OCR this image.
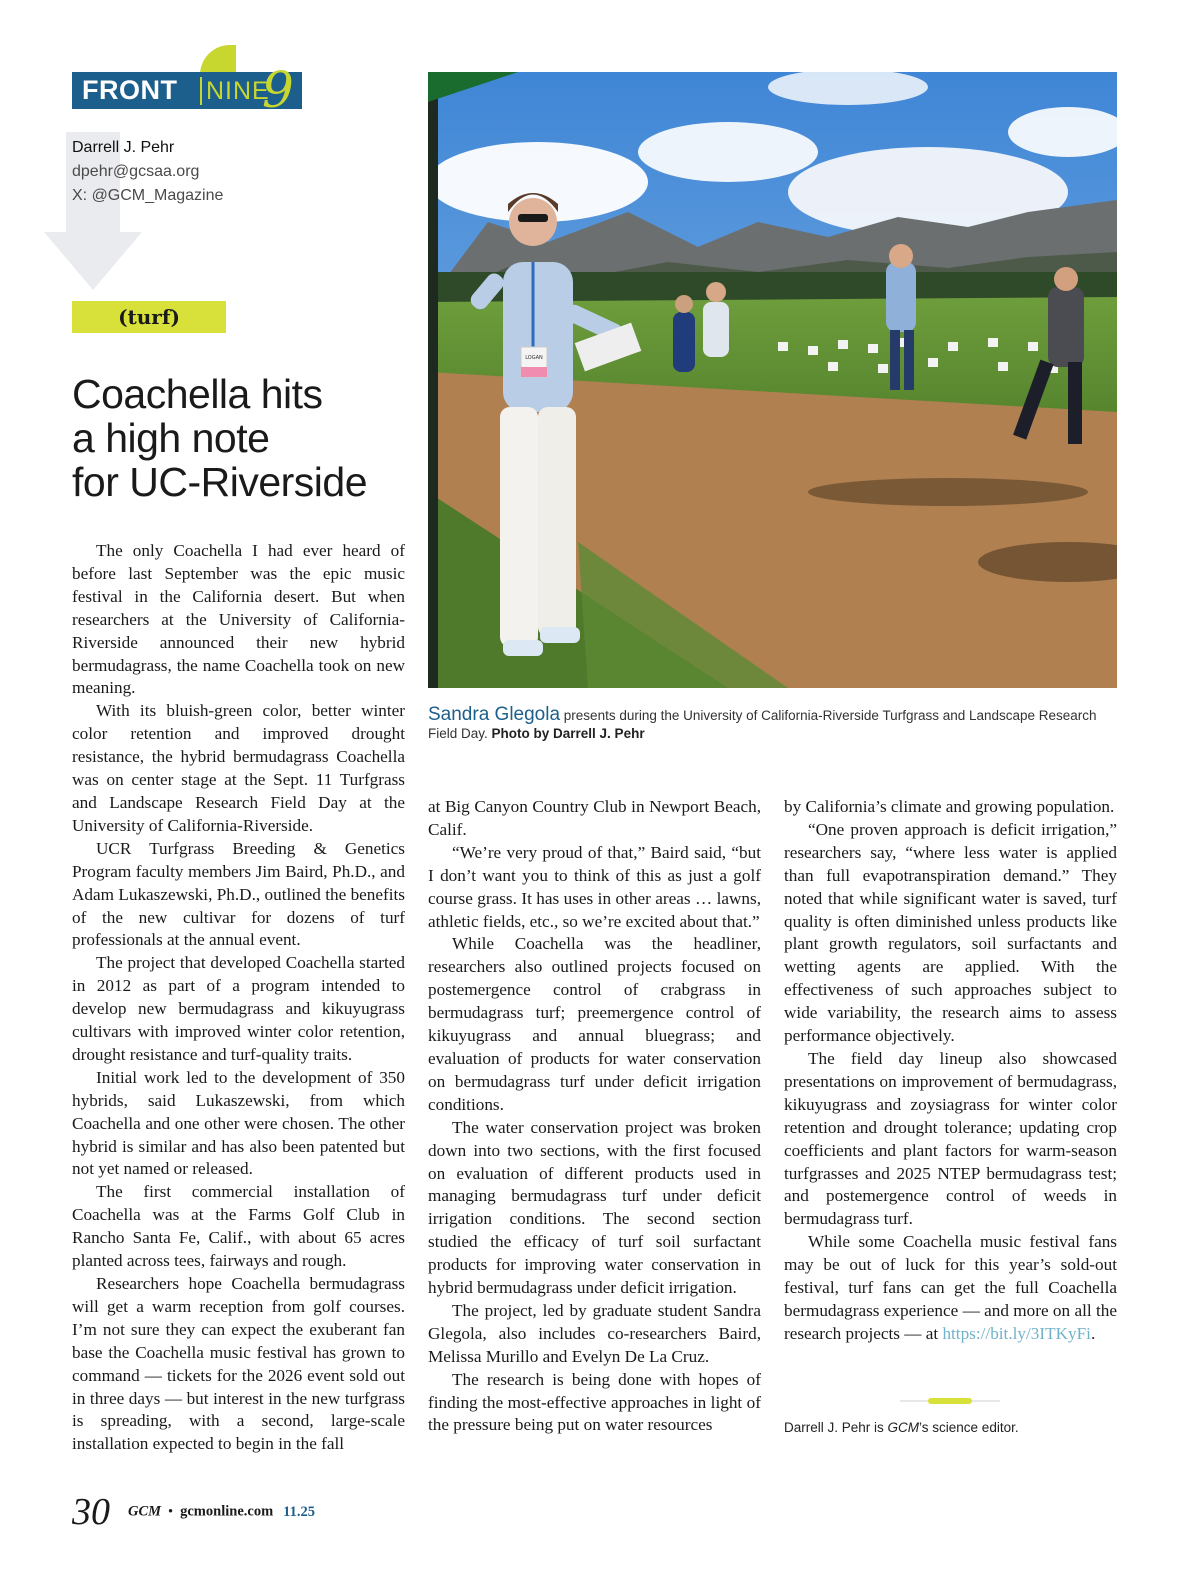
FRONT NINE
9
Darrell J. Pehr
dpehr@gcsaa.org
X: @GCM_Magazine
(turf)
Coachella hits
a high note
for UC-Riverside
LOGAN
Sandra Glegola presents during the University of California-Riverside Turfgrass and Landscape Research Field Day. Photo by Darrell J. Pehr

The only Coachella I had ever heard of before last September was the epic music festival in the California desert. But when researchers at the University of California-Riverside announced their new hybrid bermudagrass, the name Coachella took on new meaning.

With its bluish-green color, better winter color retention and improved drought resistance, the hybrid bermudagrass Coachella was on center stage at the Sept. 11 Turfgrass and Landscape Research Field Day at the University of California-Riverside.

UCR Turfgrass Breeding & Genetics Program faculty members Jim Baird, Ph.D., and Adam Lukaszewski, Ph.D., outlined the benefits of the new cultivar for dozens of turf professionals at the annual event.

The project that developed Coachella started in 2012 as part of a program intended to develop new bermudagrass and kikuyugrass cultivars with improved winter color retention, drought resistance and turf-quality traits.

Initial work led to the development of 350 hybrids, said Lukaszewski, from which Coachella and one other were chosen. The other hybrid is similar and has also been patented but not yet named or released.

The first commercial installation of Coachella was at the Farms Golf Club in Rancho Santa Fe, Calif., with about 65 acres planted across tees, fairways and rough.

Researchers hope Coachella bermudagrass will get a warm reception from golf courses. I’m not sure they can expect the exuberant fan base the Coachella music festival has grown to command — tickets for the 2026 event sold out in three days — but interest in the new turfgrass is spreading, with a second, large-scale installation expected to begin in the fall

at Big Canyon Country Club in Newport Beach, Calif.

“We’re very proud of that,” Baird said, “but I don’t want you to think of this as just a golf course grass. It has uses in other areas … lawns, athletic fields, etc., so we’re excited about that.”

While Coachella was the headliner, researchers also outlined projects focused on postemergence control of crabgrass in bermudagrass turf; preemergence control of kikuyugrass and annual bluegrass; and evaluation of products for water conservation on bermudagrass turf under deficit irrigation conditions.

The water conservation project was broken down into two sections, with the first focused on evaluation of different products used in managing bermudagrass turf under deficit irrigation conditions. The second section studied the efficacy of turf soil surfactant products for improving water conservation in hybrid bermudagrass under deficit irrigation.

The project, led by graduate student Sandra Glegola, also includes co-researchers Baird, Melissa Murillo and Evelyn De La Cruz.

The research is being done with hopes of finding the most-effective approaches in light of the pressure being put on water resources

by California’s climate and growing population.

“One proven approach is deficit irrigation,” researchers say, “where less water is applied than full evapotranspiration demand.” They noted that while significant water is saved, turf quality is often diminished unless products like plant growth regulators, soil surfactants and wetting agents are applied. With the effectiveness of such approaches subject to wide variability, the research aims to assess performance objectively.

The field day lineup also showcased presentations on improvement of bermudagrass, kikuyugrass and zoysiagrass for winter color retention and drought tolerance; updating crop coefficients and plant factors for warm-season turfgrasses and 2025 NTEP bermudagrass test; and postemergence control of weeds in bermudagrass turf.

While some Coachella music festival fans may be out of luck for this year’s sold-out festival, turf fans can get the full Coachella bermudagrass experience — and more on all the research projects — at https://bit.ly/3ITKyFi.

Darrell J. Pehr is GCM’s science editor.
30 GCM • gcmonline.com 11.25
